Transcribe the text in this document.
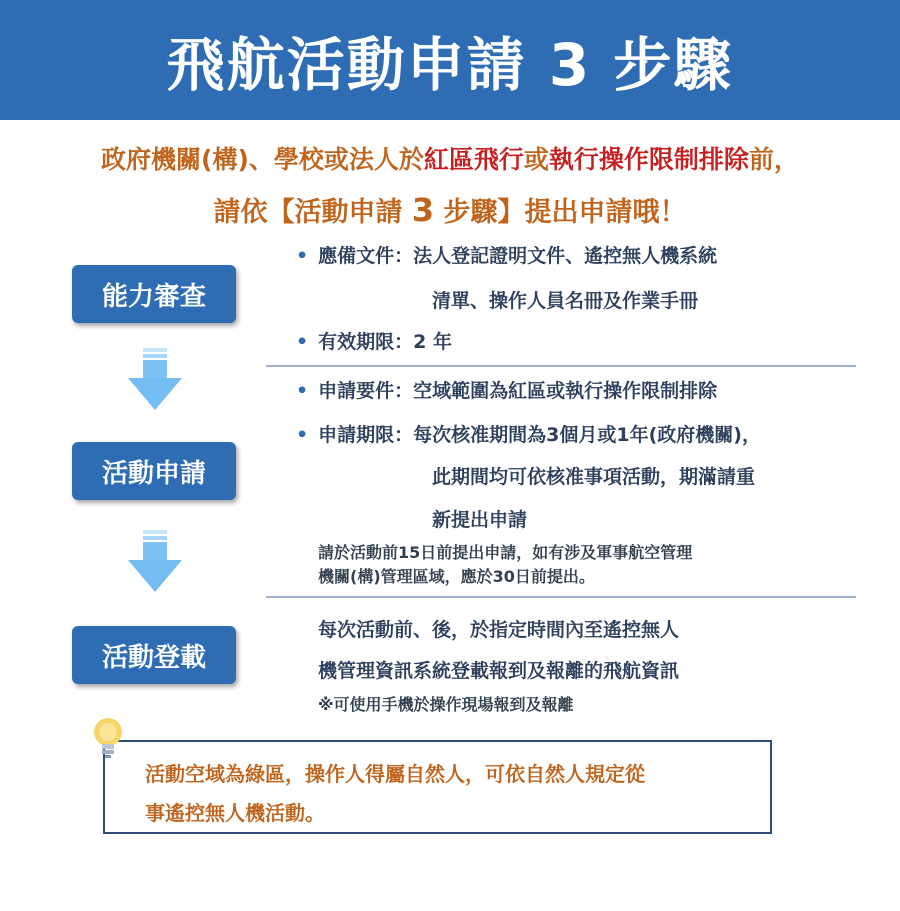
飛航活動申請 3 步驟
政府機關(構)、學校或法人於紅區飛行或執行操作限制排除前，
請依【活動申請 3 步驟】提出申請哦！
能力審查
活動申請
活動登載
• 應備文件：法人登記證明文件、遙控無人機系統
清單、操作人員名冊及作業手冊
• 有效期限：2 年
• 申請要件：空域範圍為紅區或執行操作限制排除
• 申請期限：每次核准期間為3個月或1年(政府機關)，
此期間均可依核准事項活動，期滿請重
新提出申請
請於活動前15日前提出申請，如有涉及軍事航空管理
機關(構)管理區域，應於30日前提出。
每次活動前、後，於指定時間內至遙控無人
機管理資訊系統登載報到及報離的飛航資訊
※可使用手機於操作現場報到及報離
活動空域為綠區，操作人得屬自然人，可依自然人規定從
事遙控無人機活動。
